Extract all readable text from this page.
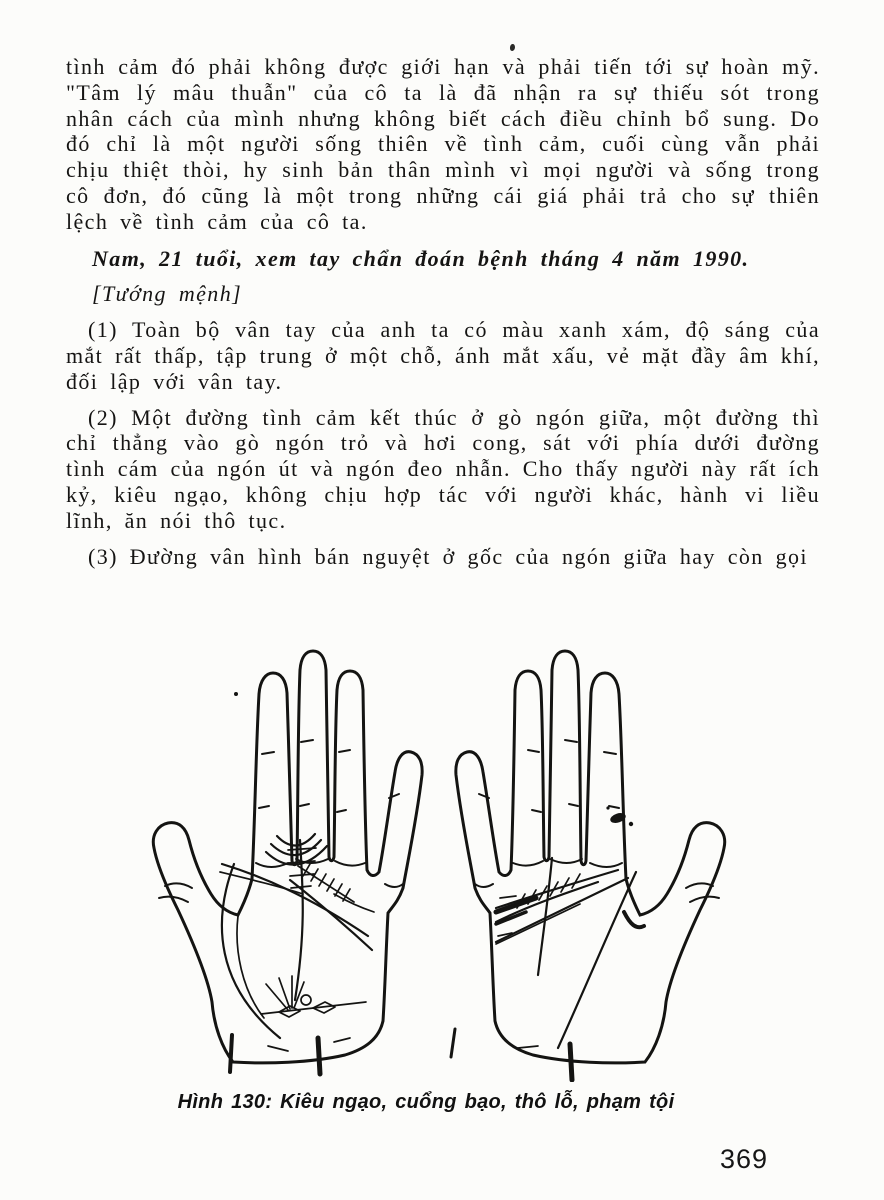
tình cảm đó phải không được giới hạn và phải tiến tới sự hoàn mỹ. "Tâm lý mâu thuẫn" của cô ta là đã nhận ra sự thiếu sót trong nhân cách của mình nhưng không biết cách điều chỉnh bổ sung. Do đó chỉ là một người sống thiên về tình cảm, cuối cùng vẫn phải chịu thiệt thòi, hy sinh bản thân mình vì mọi người và sống trong cô đơn, đó cũng là một trong những cái giá phải trả cho sự thiên lệch về tình cảm của cô ta.

Nam, 21 tuổi, xem tay chẩn đoán bệnh tháng 4 năm 1990.

[Tướng mệnh]

(1) Toàn bộ vân tay của anh ta có màu xanh xám, độ sáng của mắt rất thấp, tập trung ở một chỗ, ánh mắt xấu, vẻ mặt đầy âm khí, đối lập với vân tay.

(2) Một đường tình cảm kết thúc ở gò ngón giữa, một đường thì chỉ thẳng vào gò ngón trỏ và hơi cong, sát với phía dưới đường tình cám của ngón út và ngón đeo nhẫn. Cho thấy người này rất ích kỷ, kiêu ngạo, không chịu hợp tác với người khác, hành vi liều lĩnh, ăn nói thô tục.

(3) Đường vân hình bán nguyệt ở gốc của ngón giữa hay còn gọi

Hình 130: Kiêu ngạo, cuổng bạo, thô lỗ, phạm tội
369
